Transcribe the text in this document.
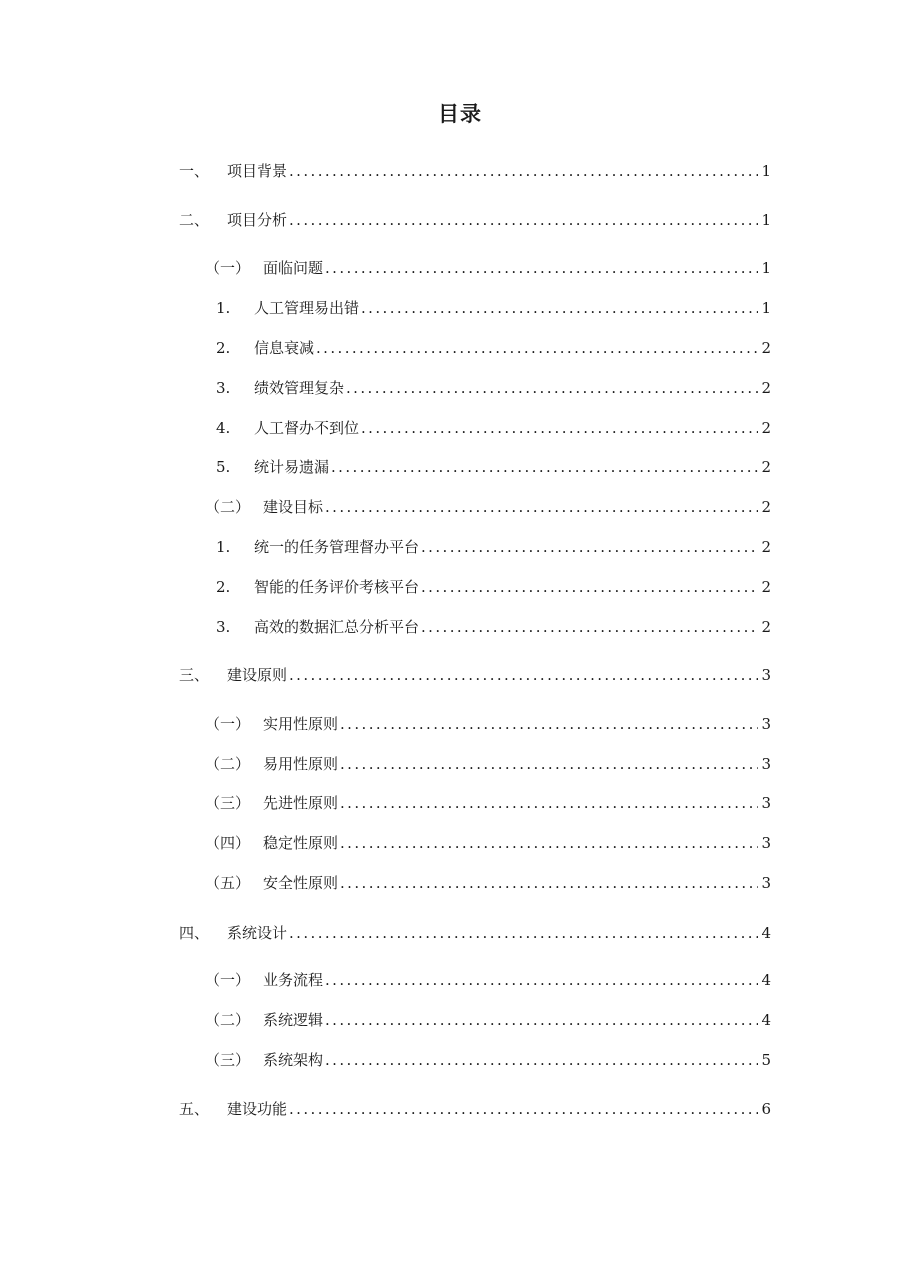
目录
一、	项目背景 .....	1
二、	项目分析 .....	1
（一） 面临问题 .....	1
1.	人工管理易出错 .....	1
2.	信息衰减 .....	2
3.	绩效管理复杂 .....	2
4.	人工督办不到位 .....	2
5.	统计易遗漏 .....	2
（二） 建设目标 .....	2
1.	统一的任务管理督办平台 .....	2
2.	智能的任务评价考核平台 .....	2
3.	高效的数据汇总分析平台 .....	2
三、	建设原则 .....	3
（一） 实用性原则 .....	3
（二） 易用性原则 .....	3
（三） 先进性原则 .....	3
（四） 稳定性原则 .....	3
（五） 安全性原则 .....	3
四、	系统设计 .....	4
（一） 业务流程 .....	4
（二） 系统逻辑 .....	4
（三） 系统架构 .....	5
五、	建设功能 .....	6
